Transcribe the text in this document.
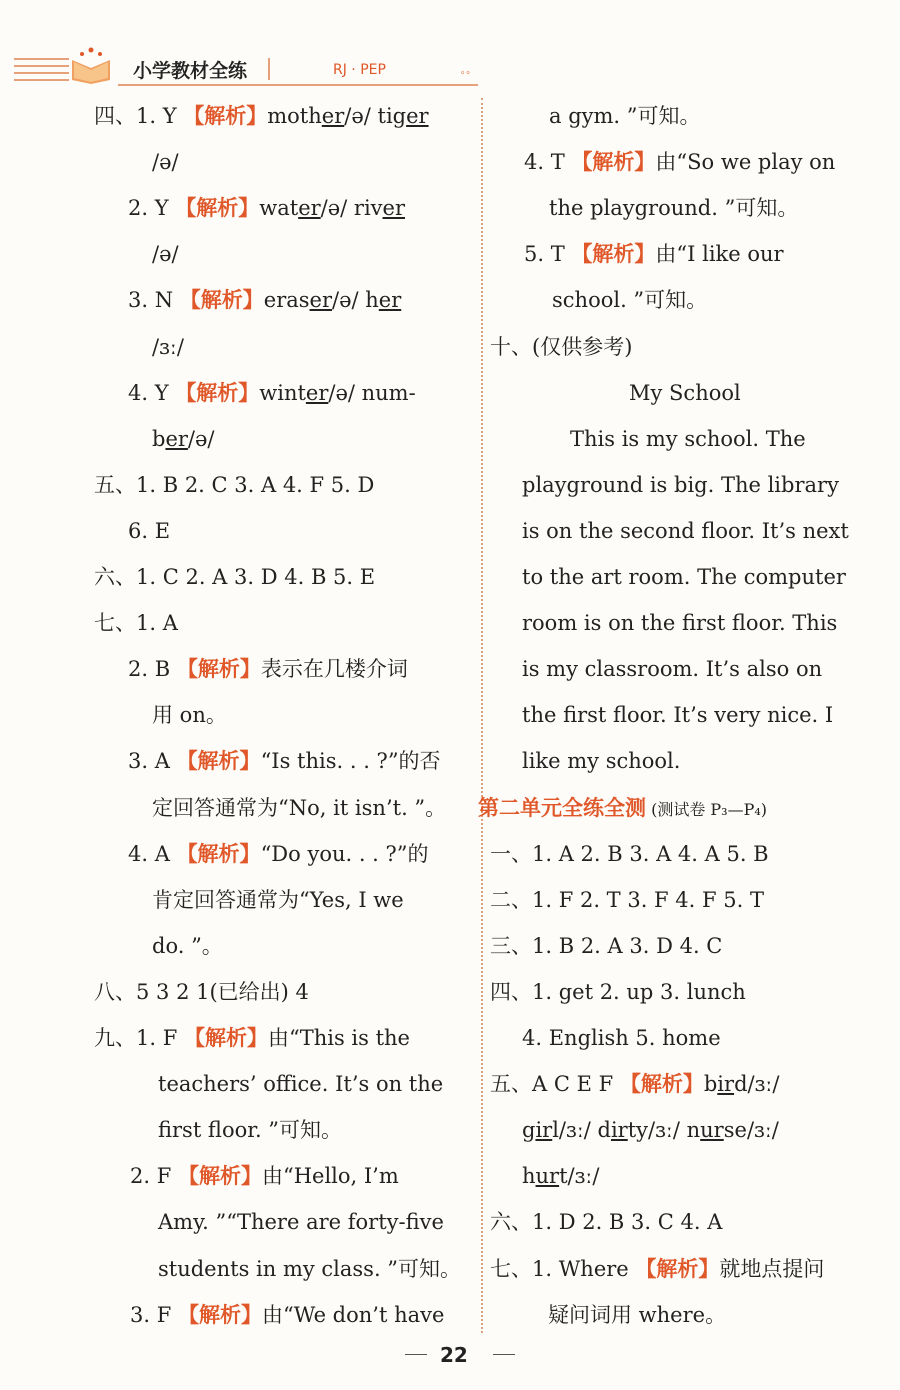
小学教材全练	RJ · PEP	∘∘
四、1. Y 【解析】mother/ə/ tiger
/ə/
2. Y 【解析】water/ə/ river
/ə/
3. N 【解析】eraser/ə/ her
/ɜː/
4. Y 【解析】winter/ə/ num-
ber/ə/
五、1. B 2. C 3. A 4. F 5. D
6. E
六、1. C 2. A 3. D 4. B 5. E
七、1. A
2. B 【解析】表示在几楼介词
用 on。
3. A 【解析】“Is this. . . ?”的否
定回答通常为“No, it isn’t. ”。
4. A 【解析】“Do you. . . ?”的
肯定回答通常为“Yes, I we
do. ”。
八、5 3 2 1(已给出) 4
九、1. F 【解析】由“This is the
teachers’ office. It’s on the
first floor. ”可知。
2. F 【解析】由“Hello, I’m
Amy. ”“There are forty-five
students in my class. ”可知。
3. F 【解析】由“We don’t have
a gym. ”可知。
4. T 【解析】由“So we play on
the playground. ”可知。
5. T 【解析】由“I like our
school. ”可知。
十、(仅供参考)
My School
This is my school. The
playground is big. The library
is on the second floor. It’s next
to the art room. The computer
room is on the first floor. This
is my classroom. It’s also on
the first floor. It’s very nice. I
like my school.
第二单元全练全测 (测试卷 P₃—P₄)
一、1. A 2. B 3. A 4. A 5. B
二、1. F 2. T 3. F 4. F 5. T
三、1. B 2. A 3. D 4. C
四、1. get 2. up 3. lunch
4. English 5. home
五、A C E F 【解析】bird/ɜː/
girl/ɜː/ dirty/ɜː/ nurse/ɜː/
hurt/ɜː/
六、1. D 2. B 3. C 4. A
七、1. Where 【解析】就地点提问
疑问词用 where。
22
